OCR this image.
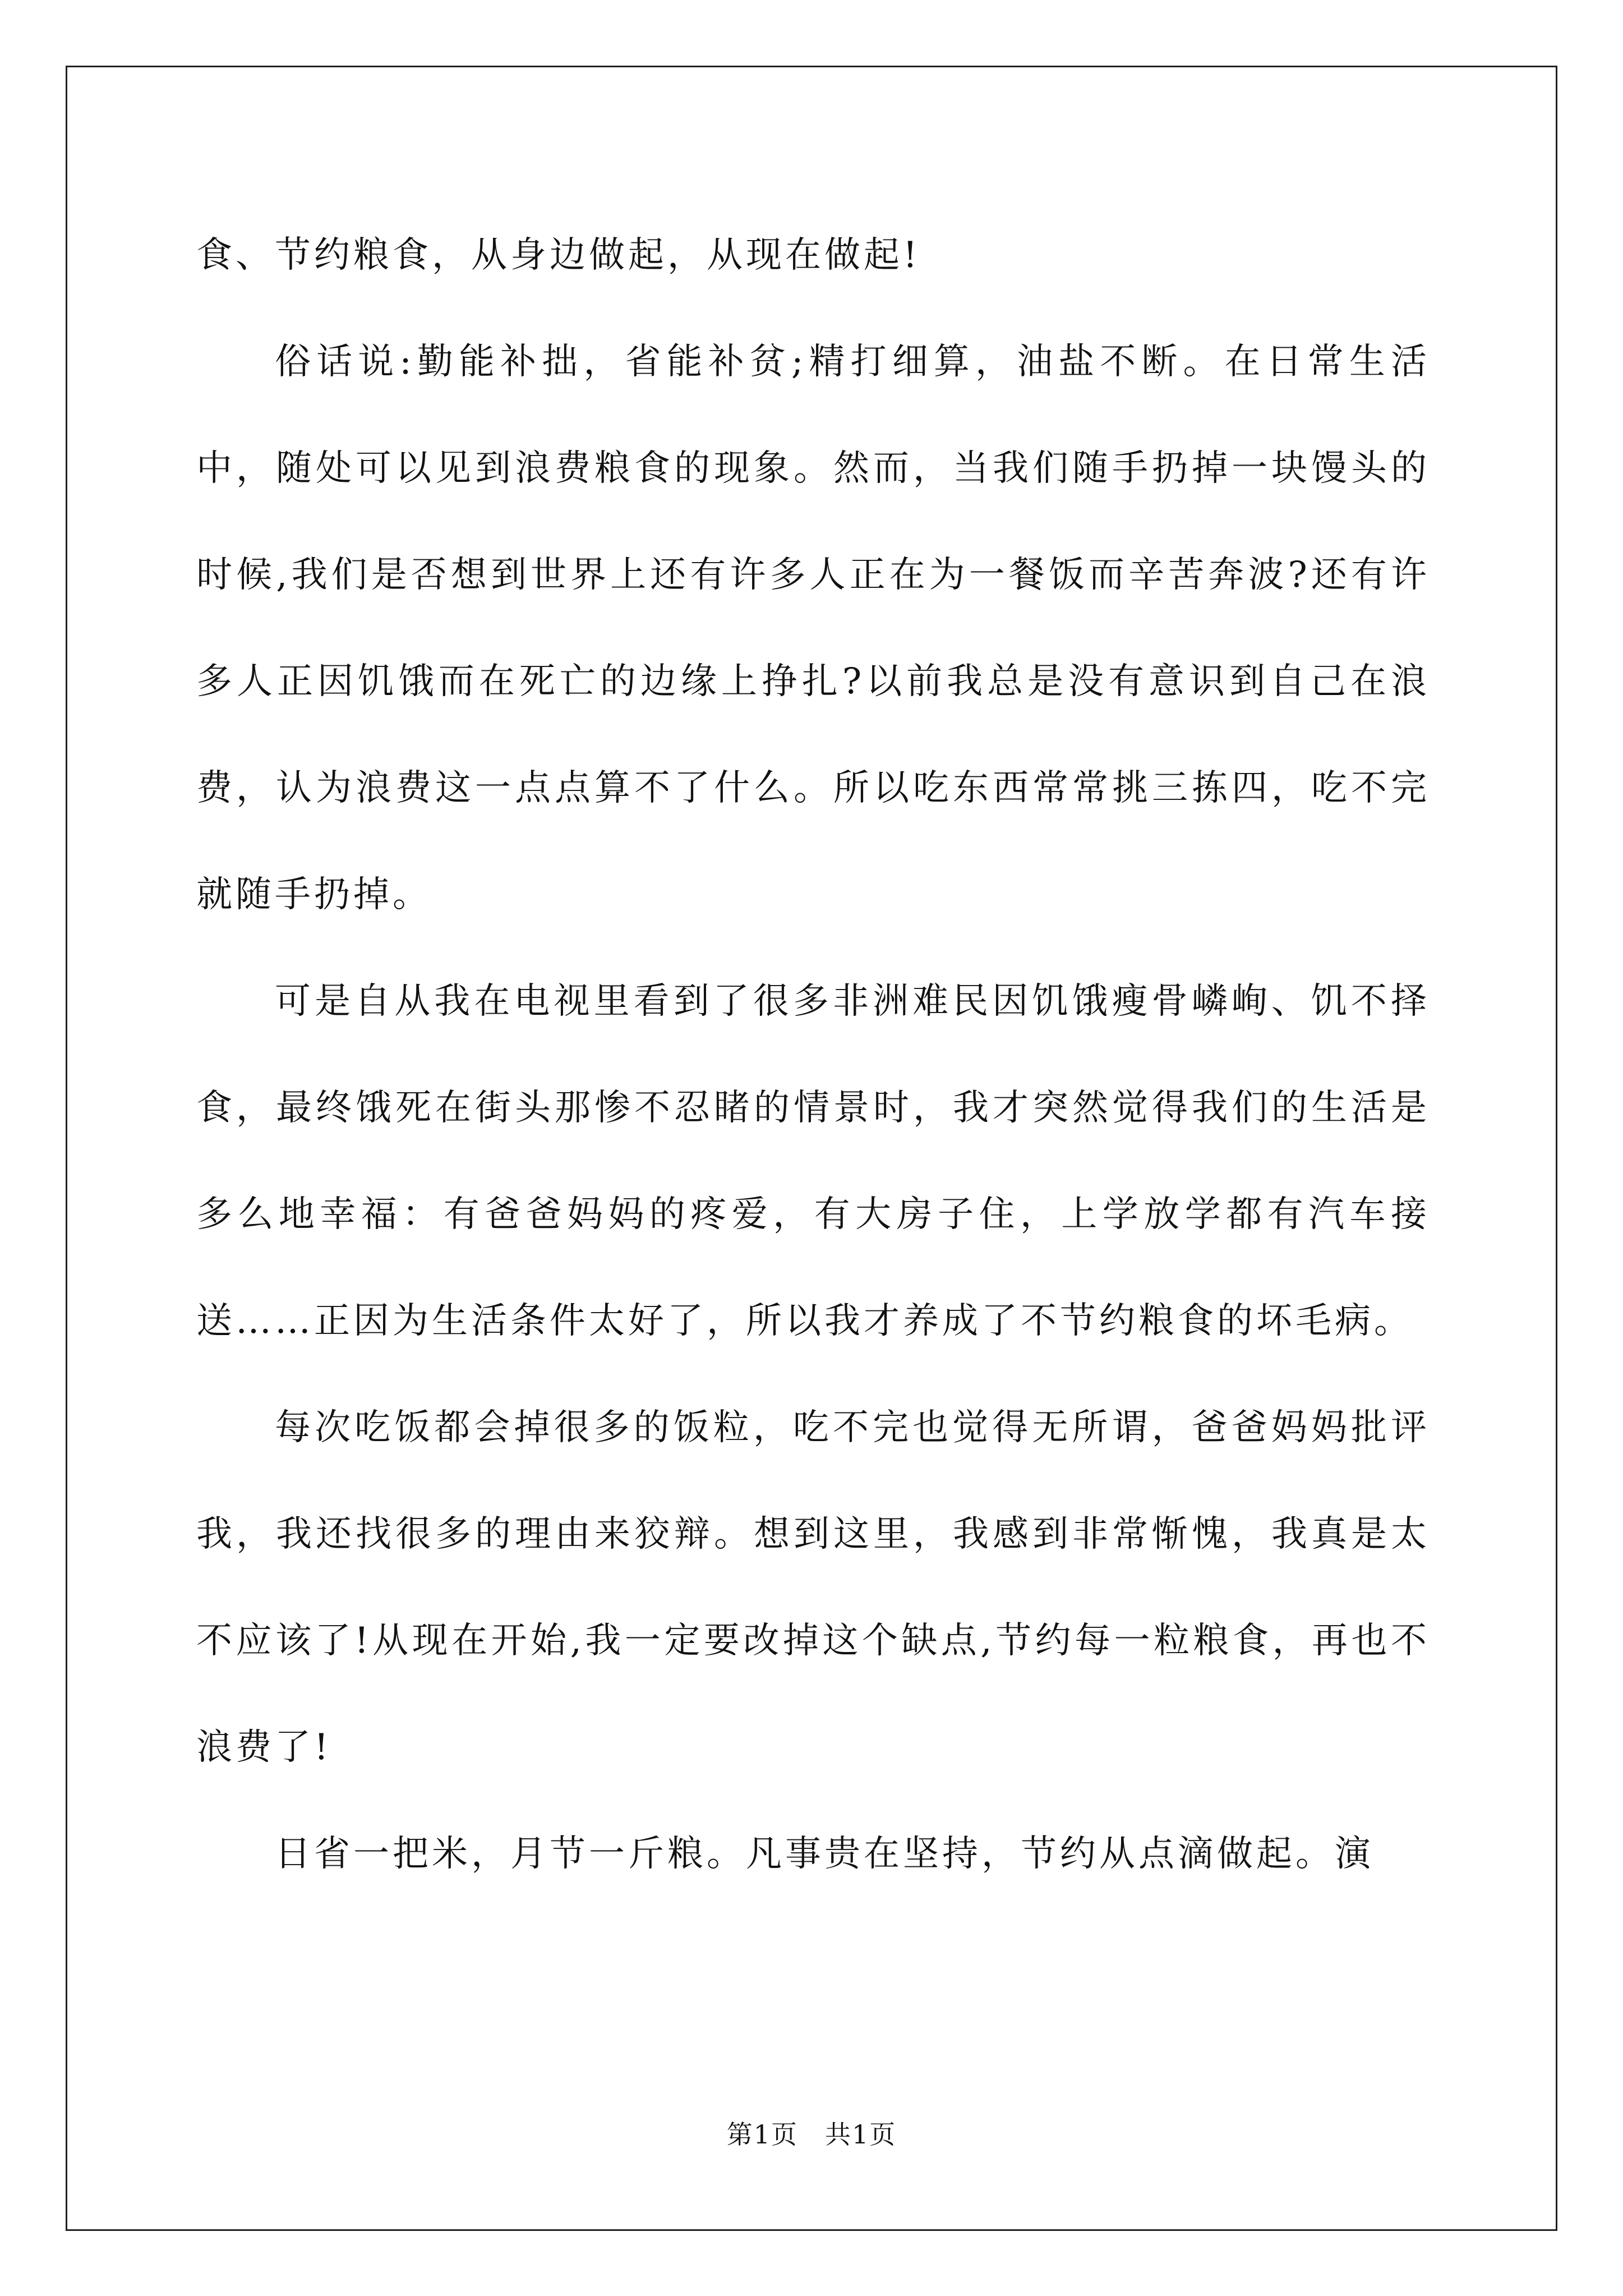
食、节约粮食，从身边做起，从现在做起!

俗话说:勤能补拙，省能补贫;精打细算，油盐不断。在日常生活中，随处可以见到浪费粮食的现象。然而，当我们随手扔掉一块馒头的时候,我们是否想到世界上还有许多人正在为一餐饭而辛苦奔波?还有许多人正因饥饿而在死亡的边缘上挣扎?以前我总是没有意识到自己在浪费，认为浪费这一点点算不了什么。所以吃东西常常挑三拣四，吃不完就随手扔掉。

可是自从我在电视里看到了很多非洲难民因饥饿瘦骨嶙峋、饥不择食，最终饿死在街头那惨不忍睹的情景时，我才突然觉得我们的生活是多么地幸福：有爸爸妈妈的疼爱，有大房子住，上学放学都有汽车接送……正因为生活条件太好了，所以我才养成了不节约粮食的坏毛病。

每次吃饭都会掉很多的饭粒，吃不完也觉得无所谓，爸爸妈妈批评我，我还找很多的理由来狡辩。想到这里，我感到非常惭愧，我真是太不应该了!从现在开始,我一定要改掉这个缺点,节约每一粒粮食，再也不浪费了!

日省一把米，月节一斤粮。凡事贵在坚持，节约从点滴做起。演

第1页　共1页
